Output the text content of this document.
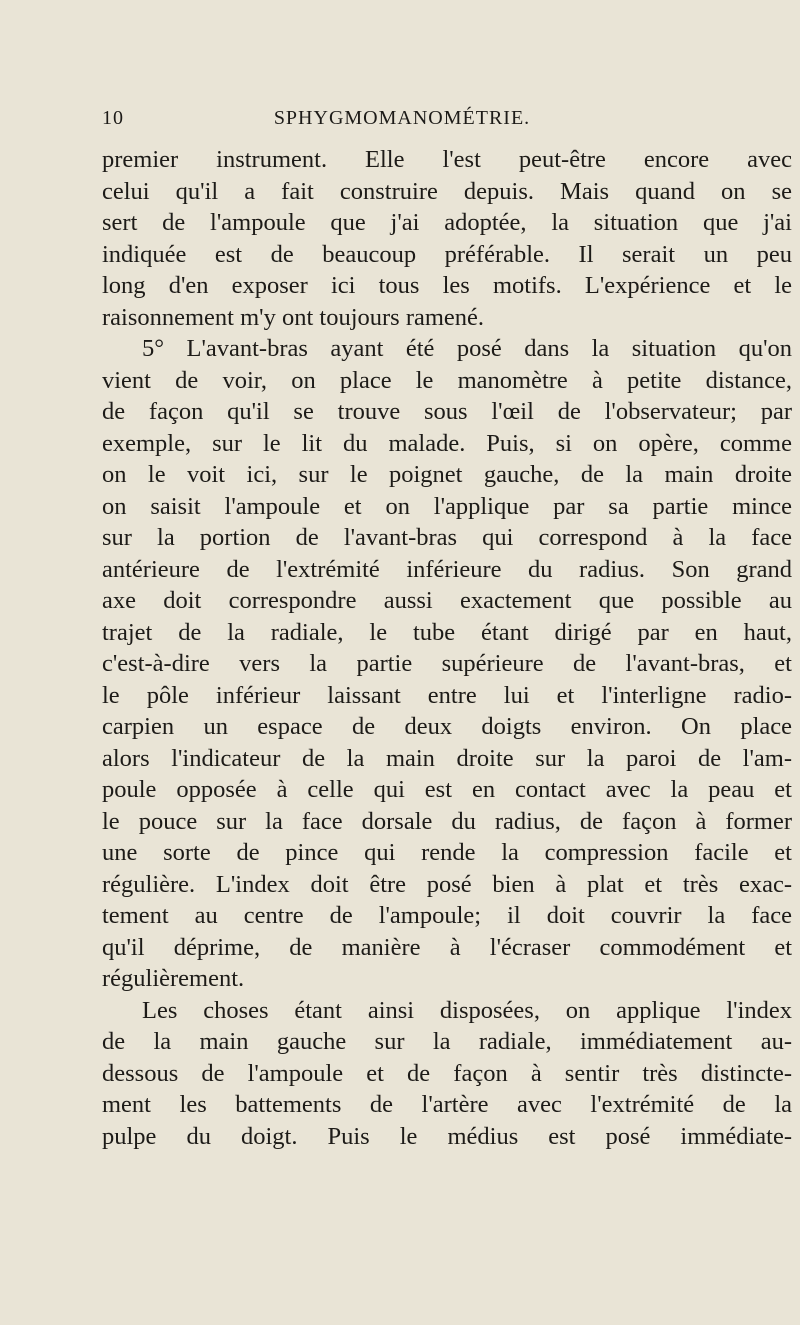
10	SPHYGMOMANOMÉTRIE.
premier instrument. Elle l'est peut-être encore avec
celui qu'il a fait construire depuis. Mais quand on se
sert de l'ampoule que j'ai adoptée, la situation que j'ai
indiquée est de beaucoup préférable. Il serait un peu
long d'en exposer ici tous les motifs. L'expérience et le
raisonnement m'y ont toujours ramené.
5° L'avant-bras ayant été posé dans la situation qu'on
vient de voir, on place le manomètre à petite distance,
de façon qu'il se trouve sous l'œil de l'observateur; par
exemple, sur le lit du malade. Puis, si on opère, comme
on le voit ici, sur le poignet gauche, de la main droite
on saisit l'ampoule et on l'applique par sa partie mince
sur la portion de l'avant-bras qui correspond à la face
antérieure de l'extrémité inférieure du radius. Son grand
axe doit correspondre aussi exactement que possible au
trajet de la radiale, le tube étant dirigé par en haut,
c'est-à-dire vers la partie supérieure de l'avant-bras, et
le pôle inférieur laissant entre lui et l'interligne radio-
carpien un espace de deux doigts environ. On place
alors l'indicateur de la main droite sur la paroi de l'am-
poule opposée à celle qui est en contact avec la peau et
le pouce sur la face dorsale du radius, de façon à former
une sorte de pince qui rende la compression facile et
régulière. L'index doit être posé bien à plat et très exac-
tement au centre de l'ampoule; il doit couvrir la face
qu'il déprime, de manière à l'écraser commodément et
régulièrement.
Les choses étant ainsi disposées, on applique l'index
de la main gauche sur la radiale, immédiatement au-
dessous de l'ampoule et de façon à sentir très distincte-
ment les battements de l'artère avec l'extrémité de la
pulpe du doigt. Puis le médius est posé immédiate-
